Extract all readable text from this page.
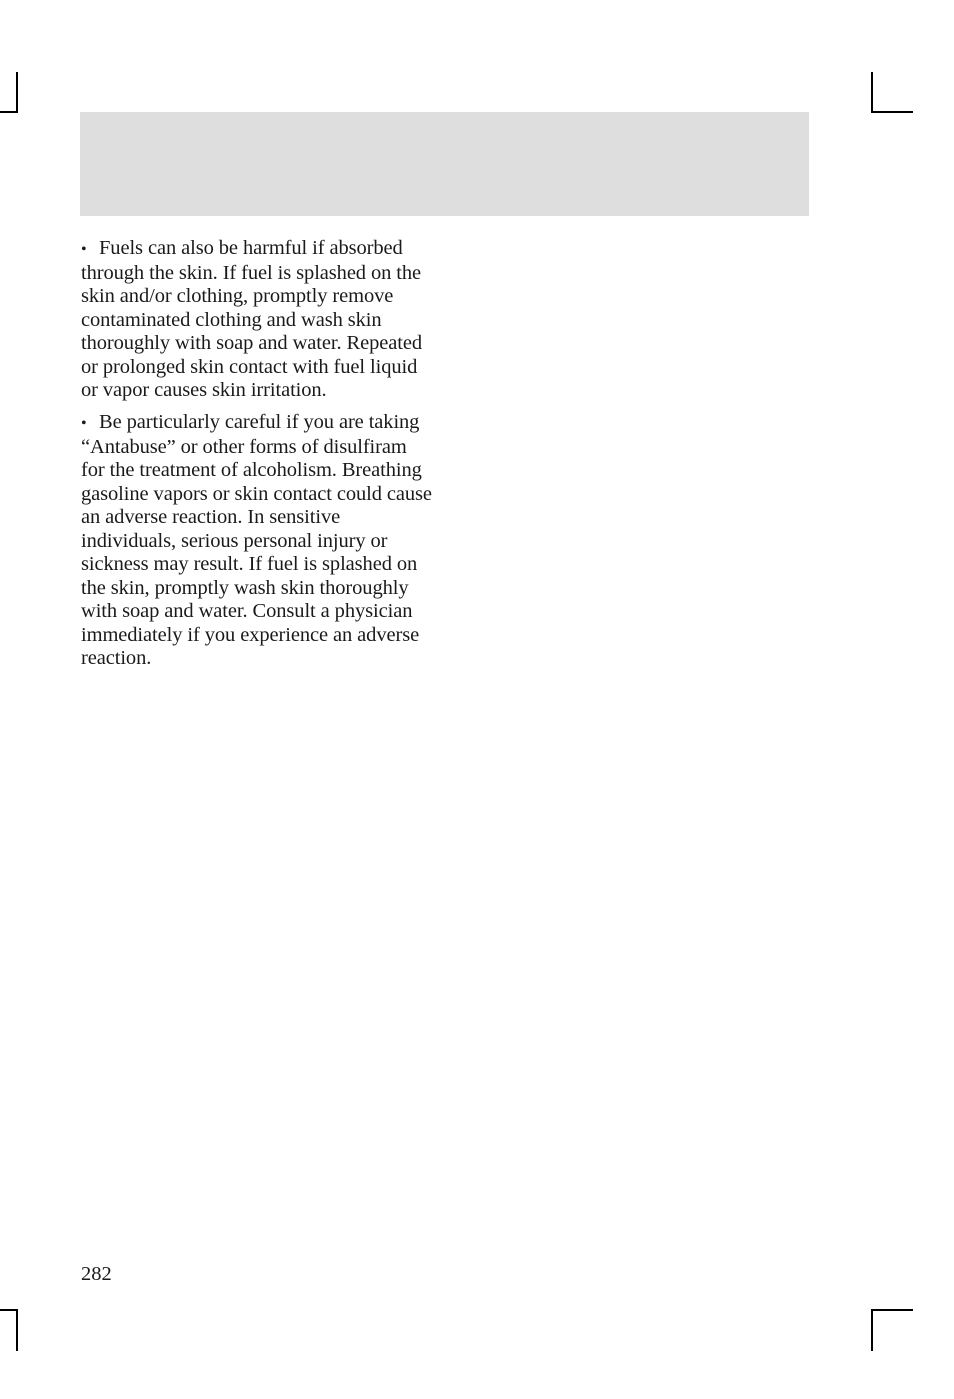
• Fuels can also be harmful if absorbed through the skin. If fuel is splashed on the skin and/or clothing, promptly remove contaminated clothing and wash skin thoroughly with soap and water. Repeated or prolonged skin contact with fuel liquid or vapor causes skin irritation.

• Be particularly careful if you are taking “Antabuse” or other forms of disulfiram for the treatment of alcoholism. Breathing gasoline vapors or skin contact could cause an adverse reaction. In sensitive individuals, serious personal injury or sickness may result. If fuel is splashed on the skin, promptly wash skin thoroughly with soap and water. Consult a physician immediately if you experience an adverse reaction.

282
